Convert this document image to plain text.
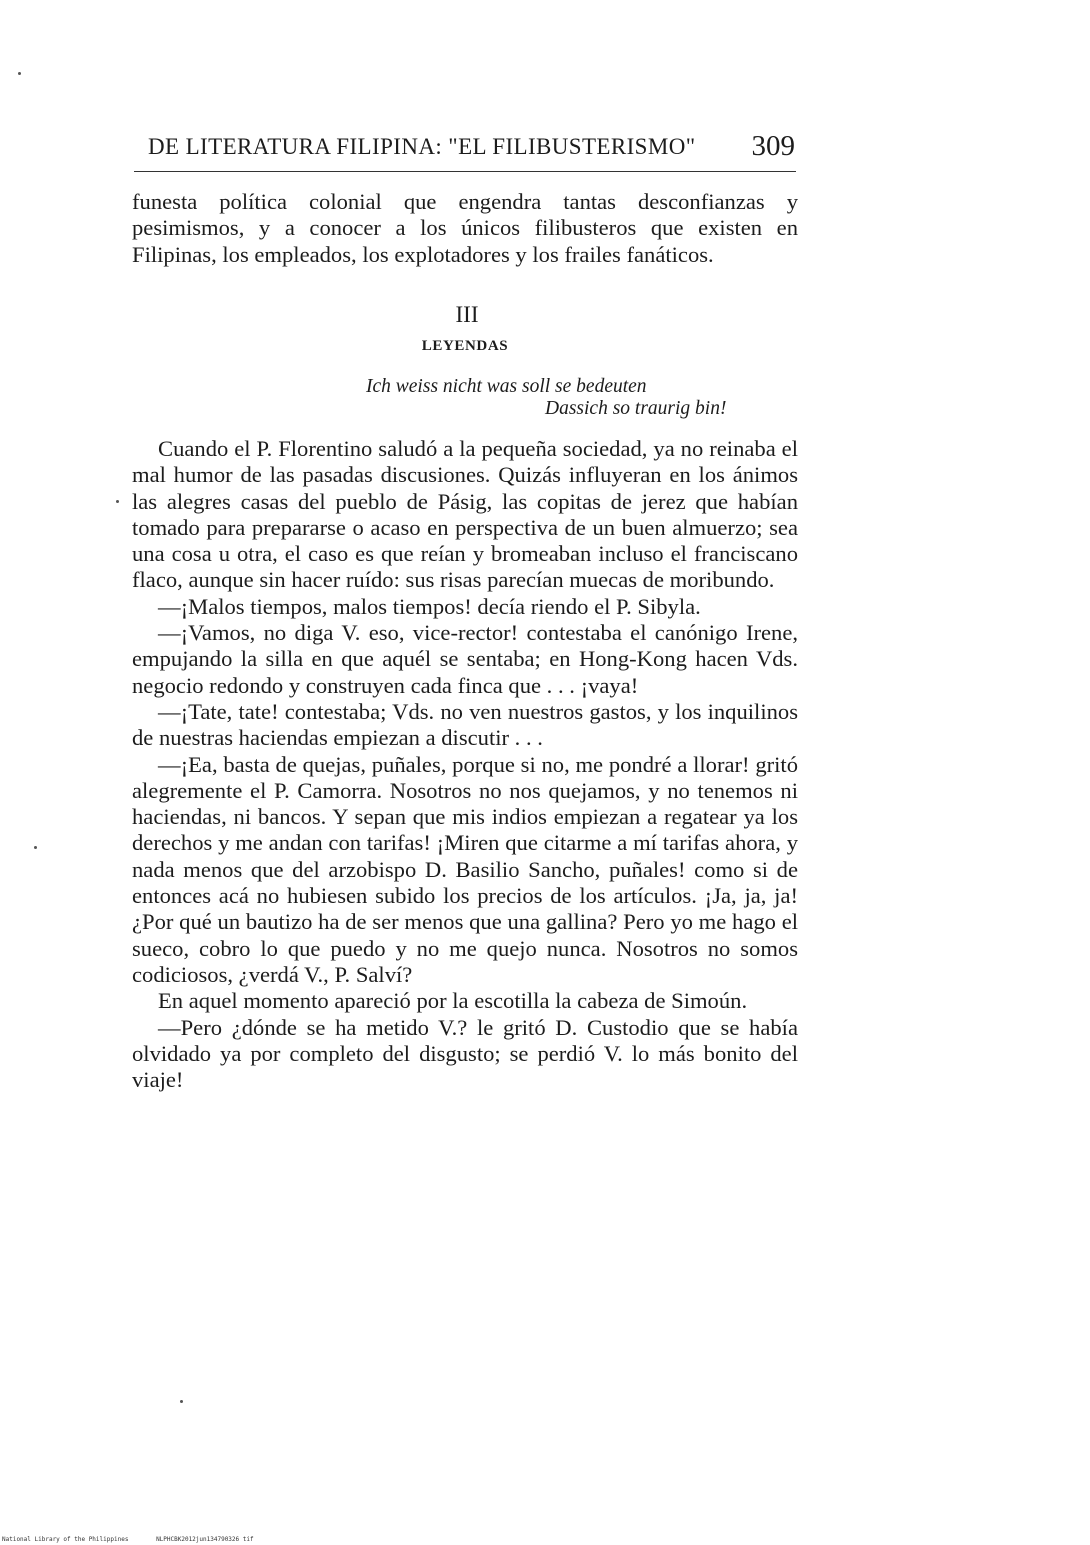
DE LITERATURA FILIPINA: "EL FILIBUSTERISMO"	309

funesta política colonial que engendra tantas desconfianzas y pesimismos, y a conocer a los únicos filibusteros que existen en Filipinas, los empleados, los explotadores y los frailes fanáticos.

III
LEYENDAS
Ich weiss nicht was soll se bedeuten
Dassich so traurig bin!

Cuando el P. Florentino saludó a la pequeña sociedad, ya no reinaba el mal humor de las pasadas discusiones. Quizás influyeran en los ánimos las alegres casas del pueblo de Pásig, las copitas de jerez que habían tomado para prepararse o acaso en perspectiva de un buen almuerzo; sea una cosa u otra, el caso es que reían y bromeaban incluso el franciscano flaco, aunque sin hacer ruído: sus risas parecían muecas de moribundo.

—¡Malos tiempos, malos tiempos! decía riendo el P. Sibyla.

—¡Vamos, no diga V. eso, vice-rector! contestaba el canónigo Irene, empujando la silla en que aquél se sentaba; en Hong-Kong hacen Vds. negocio redondo y construyen cada finca que . . . ¡vaya!

—¡Tate, tate! contestaba; Vds. no ven nuestros gastos, y los inquilinos de nuestras haciendas empiezan a discutir . . .

—¡Ea, basta de quejas, puñales, porque si no, me pondré a llorar! gritó alegremente el P. Camorra. Nosotros no nos quejamos, y no tenemos ni haciendas, ni bancos. Y sepan que mis indios empiezan a regatear ya los derechos y me andan con tarifas! ¡Miren que citarme a mí tarifas ahora, y nada menos que del arzobispo D. Basilio Sancho, puñales! como si de entonces acá no hubiesen subido los precios de los artículos. ¡Ja, ja, ja! ¿Por qué un bautizo ha de ser menos que una gallina? Pero yo me hago el sueco, cobro lo que puedo y no me quejo nunca. Nosotros no somos codiciosos, ¿verdá V., P. Salví?

En aquel momento apareció por la escotilla la cabeza de Simoún.

—Pero ¿dónde se ha metido V.? le gritó D. Custodio que se había olvidado ya por completo del disgusto; se perdió V. lo más bonito del viaje!

National Library of the Philippines	NLPHCBK2012jun134790326 tif
